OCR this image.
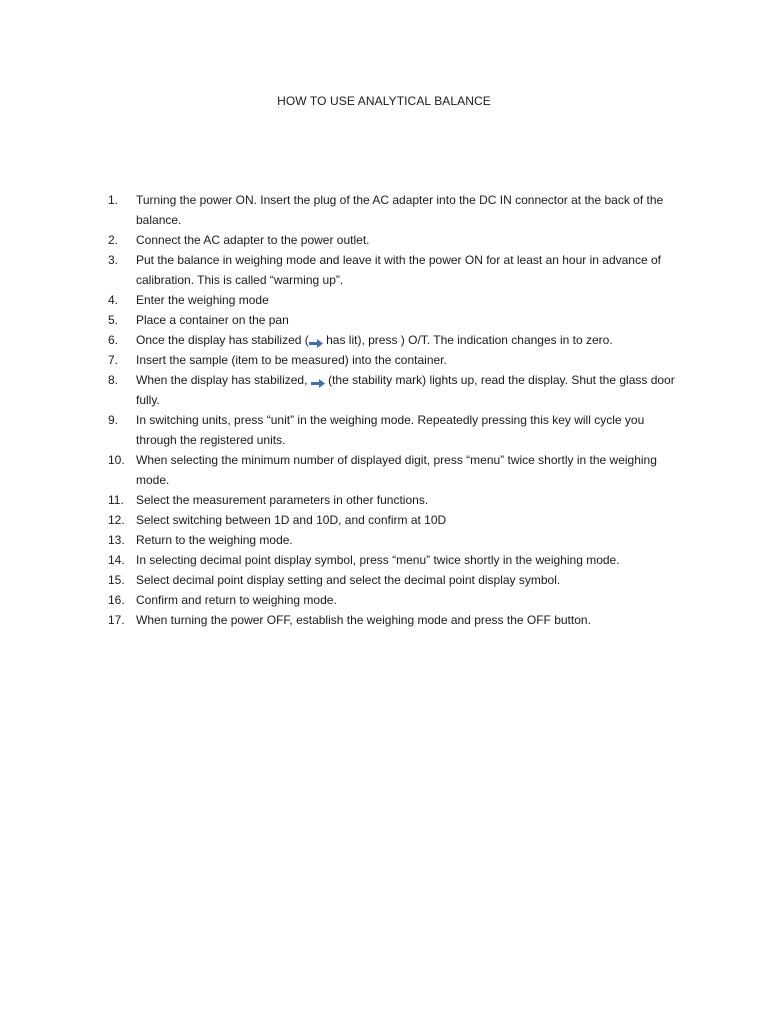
HOW TO USE ANALYTICAL BALANCE
1.	Turning the power ON. Insert the plug of the AC adapter into the DC IN connector at the back of the balance.
2.	Connect the AC adapter to the power outlet.
3.	Put the balance in weighing mode and leave it with the power ON for at least an hour in advance of calibration. This is called “warming up”.
4.	Enter the weighing mode
5.	Place a container on the pan
6.	Once the display has stabilized (
has lit), press ) O/T. The indication changes in to zero.
7.	Insert the sample (item to be measured) into the container.
8.	When the display has stabilized,
(the stability mark) lights up, read the display. Shut the glass door fully.
9.	In switching units, press “unit” in the weighing mode. Repeatedly pressing this key will cycle you through the registered units.
10. When selecting the minimum number of displayed digit, press “menu” twice shortly in the weighing mode.
11.	Select the measurement parameters in other functions.
12. Select switching between 1D and 10D, and confirm at 10D
13. Return to the weighing mode.
14. In selecting decimal point display symbol, press “menu” twice shortly in the weighing mode.
15. Select decimal point display setting and select the decimal point display symbol.
16. Confirm and return to weighing mode.
17. When turning the power OFF, establish the weighing mode and press the OFF button.
